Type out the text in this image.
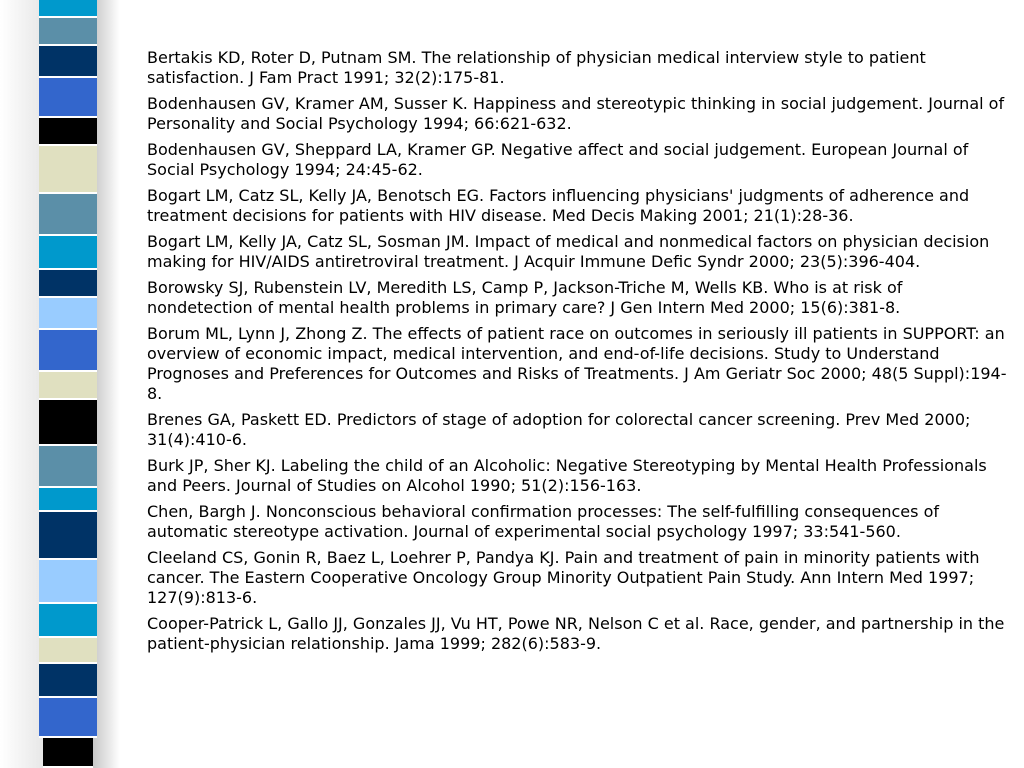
Bertakis KD, Roter D, Putnam SM. The relationship of physician medical interview style to patient satisfaction. J Fam Pract 1991; 32(2):175-81.

Bodenhausen GV, Kramer AM, Susser K. Happiness and stereotypic thinking in social judgement. Journal of Personality and Social Psychology 1994; 66:621-632.

Bodenhausen GV, Sheppard LA, Kramer GP. Negative affect and social judgement. European Journal of Social Psychology 1994; 24:45-62.

Bogart LM, Catz SL, Kelly JA, Benotsch EG. Factors influencing physicians' judgments of adherence and treatment decisions for patients with HIV disease. Med Decis Making 2001; 21(1):28-36.

Bogart LM, Kelly JA, Catz SL, Sosman JM. Impact of medical and nonmedical factors on physician decision making for HIV/AIDS antiretroviral treatment. J Acquir Immune Defic Syndr 2000; 23(5):396-404.

Borowsky SJ, Rubenstein LV, Meredith LS, Camp P, Jackson-Triche M, Wells KB. Who is at risk of nondetection of mental health problems in primary care? J Gen Intern Med 2000; 15(6):381-8.

Borum ML, Lynn J, Zhong Z. The effects of patient race on outcomes in seriously ill patients in SUPPORT: an overview of economic impact, medical intervention, and end-of-life decisions. Study to Understand Prognoses and Preferences for Outcomes and Risks of Treatments. J Am Geriatr Soc 2000; 48(5 Suppl):194-8.

Brenes GA, Paskett ED. Predictors of stage of adoption for colorectal cancer screening. Prev Med 2000; 31(4):410-6.

Burk JP, Sher KJ. Labeling the child of an Alcoholic: Negative Stereotyping by Mental Health Professionals and Peers. Journal of Studies on Alcohol 1990; 51(2):156-163.

Chen, Bargh J. Nonconscious behavioral confirmation processes: The self-fulfilling consequences of automatic stereotype activation. Journal of experimental social psychology 1997; 33:541-560.

Cleeland CS, Gonin R, Baez L, Loehrer P, Pandya KJ. Pain and treatment of pain in minority patients with cancer. The Eastern Cooperative Oncology Group Minority Outpatient Pain Study. Ann Intern Med 1997; 127(9):813-6.

Cooper-Patrick L, Gallo JJ, Gonzales JJ, Vu HT, Powe NR, Nelson C et al. Race, gender, and partnership in the patient-physician relationship. Jama 1999; 282(6):583-9.
